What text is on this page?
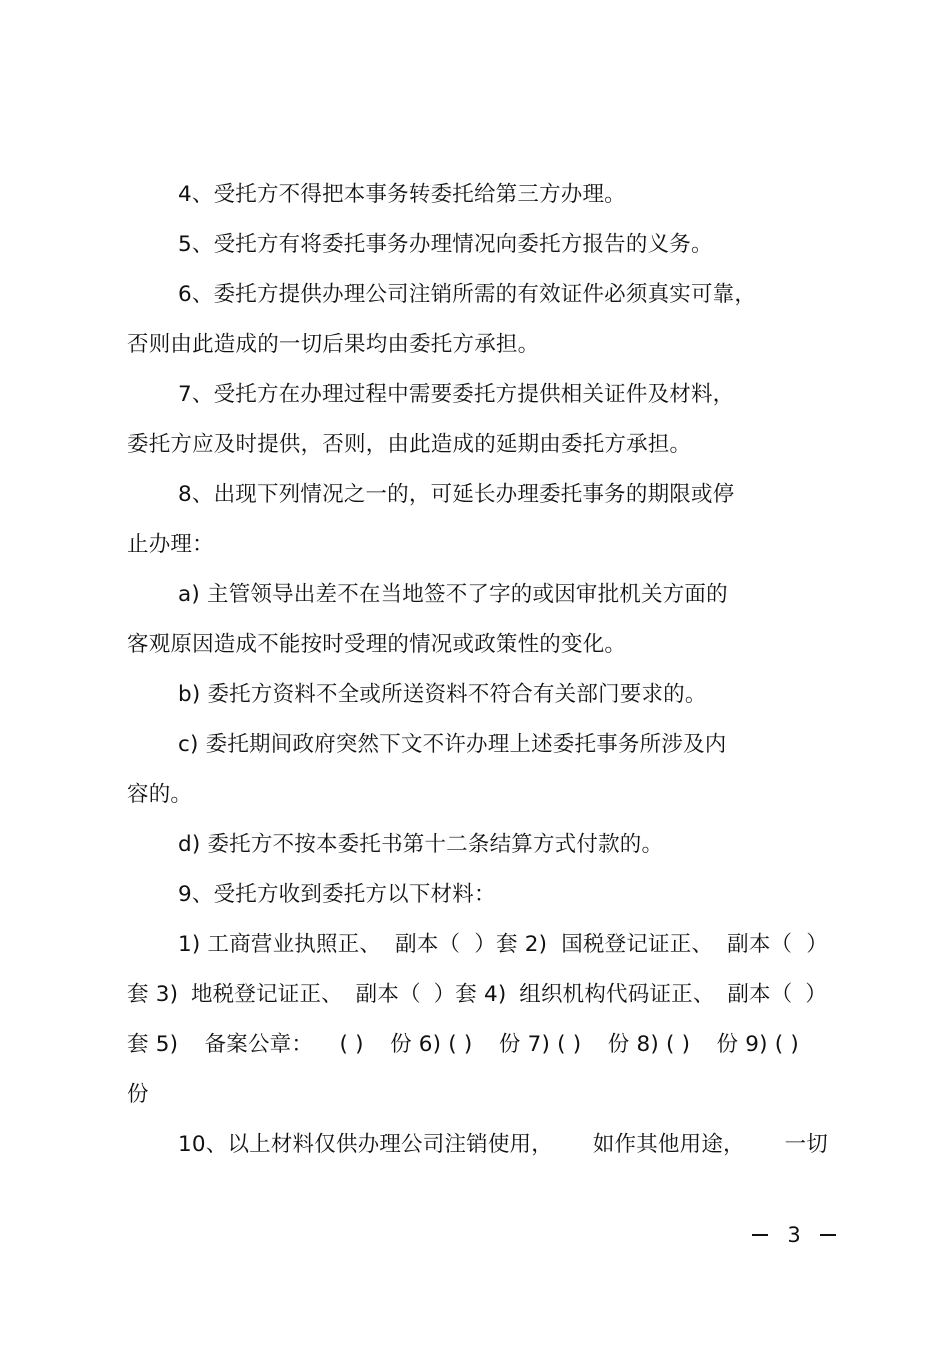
4、受托方不得把本事务转委托给第三方办理。
5、受托方有将委托事务办理情况向委托方报告的义务。
6、委托方提供办理公司注销所需的有效证件必须真实可靠，
否则由此造成的一切后果均由委托方承担。
7、受托方在办理过程中需要委托方提供相关证件及材料，
委托方应及时提供，否则，由此造成的延期由委托方承担。
8、出现下列情况之一的，可延长办理委托事务的期限或停
止办理：
a) 主管领导出差不在当地签不了字的或因审批机关方面的
客观原因造成不能按时受理的情况或政策性的变化。
b) 委托方资料不全或所送资料不符合有关部门要求的。
c) 委托期间政府突然下文不许办理上述委托事务所涉及内
容的。
d) 委托方不按本委托书第十二条结算方式付款的。
9、受托方收到委托方以下材料：
1) 工商营业执照正、 副本（ ）套 2) 国税登记证正、 副本（ ）
套 3) 地税登记证正、 副本（ ）套 4) 组织机构代码证正、 副本（ ）
套 5) 备案公章： ( ) 份 6) ( ) 份 7) ( ) 份 8) ( ) 份 9) ( )
份
10、以上材料仅供办理公司注销使用， 如作其他用途， 一切
3
